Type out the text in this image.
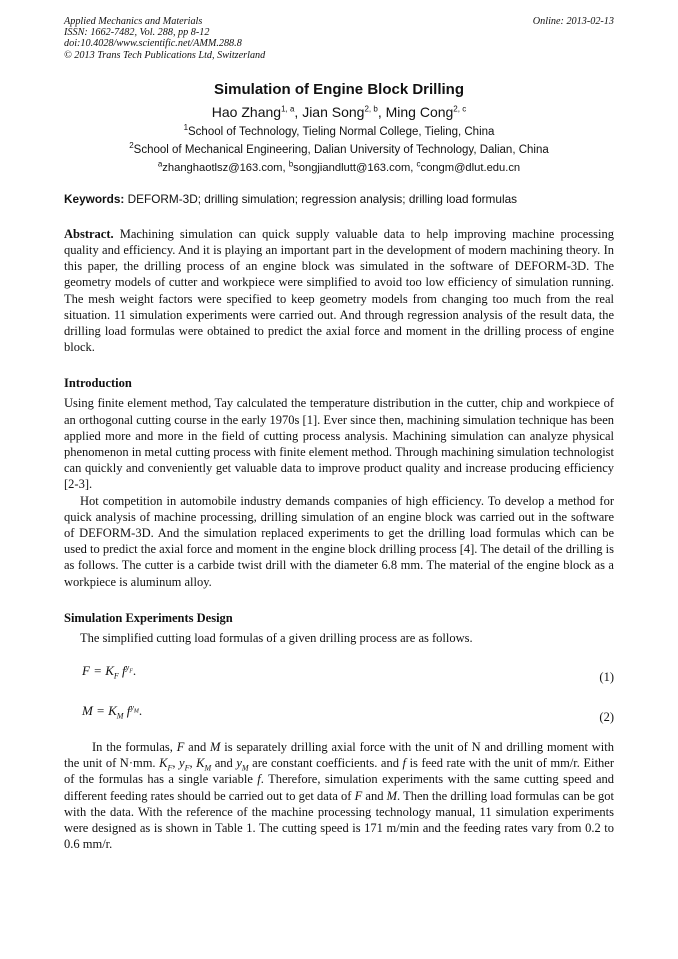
Applied Mechanics and Materials
ISSN: 1662-7482, Vol. 288, pp 8-12
doi:10.4028/www.scientific.net/AMM.288.8
© 2013 Trans Tech Publications Ltd, Switzerland
Online: 2013-02-13
Simulation of Engine Block Drilling
Hao Zhang$^{1, a}$, Jian Song$^{2, b}$, Ming Cong$^{2, c}$
$^1$School of Technology, Tieling Normal College, Tieling, China
$^2$School of Mechanical Engineering, Dalian University of Technology, Dalian, China
$^a$zhanghaotlsz@163.com, $^b$songjiandlutt@163.com, $^c$congm@dlut.edu.cn
Keywords: DEFORM-3D; drilling simulation; regression analysis; drilling load formulas

Abstract. Machining simulation can quick supply valuable data to help improving machine processing quality and efficiency. And it is playing an important part in the development of modern machining theory. In this paper, the drilling process of an engine block was simulated in the software of DEFORM-3D. The geometry models of cutter and workpiece were simplified to avoid too low efficiency of simulation running. The mesh weight factors were specified to keep geometry models from changing too much from the real situation. 11 simulation experiments were carried out. And through regression analysis of the result data, the drilling load formulas were obtained to predict the axial force and moment in the drilling process of engine block.

Introduction

Using finite element method, Tay calculated the temperature distribution in the cutter, chip and workpiece of an orthogonal cutting course in the early 1970s [1]. Ever since then, machining simulation technique has been applied more and more in the field of cutting process analysis. Machining simulation can analyze physical phenomenon in metal cutting process with finite element method. Through machining simulation technologist can quickly and conveniently get valuable data to improve product quality and increase producing efficiency [2-3].

Hot competition in automobile industry demands companies of high efficiency. To develop a method for quick analysis of machine processing, drilling simulation of an engine block was carried out in the software of DEFORM-3D. And the simulation replaced experiments to get the drilling load formulas which can be used to predict the axial force and moment in the engine block drilling process [4]. The detail of the drilling is as follows. The cutter is a carbide twist drill with the diameter 6.8 mm. The material of the engine block as a workpiece is aluminum alloy.

Simulation Experiments Design

The simplified cutting load formulas of a given drilling process are as follows.

$F = K_F$ $f^{y_F}$.	(1)
$M = K_M$ $f^{y_M}$.	(2)

In the formulas, F and M is separately drilling axial force with the unit of N and drilling moment with the unit of N·mm. $K_F$, $y_F$, $K_M$ and $y_M$ are constant coefficients. and f is feed rate with the unit of mm/r. Either of the formulas has a single variable f. Therefore, simulation experiments with the same cutting speed and different feeding rates should be carried out to get data of F and M. Then the drilling load formulas can be got with the data. With the reference of the machine processing technology manual, 11 simulation experiments were designed as is shown in Table 1. The cutting speed is 171 m/min and the feeding rates vary from 0.2 to 0.6 mm/r.
